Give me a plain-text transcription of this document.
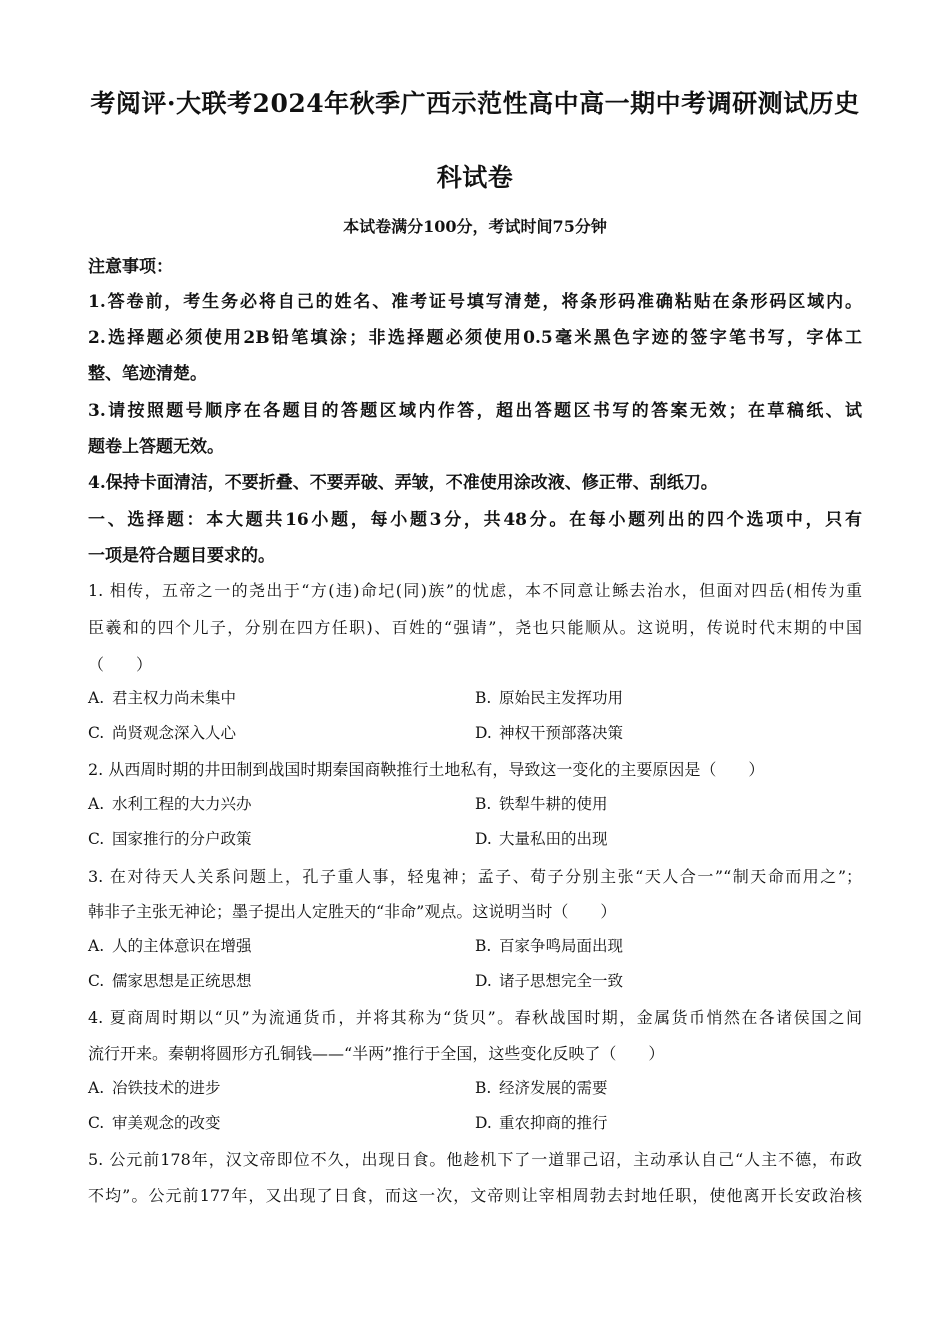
考阅评·大联考2024年秋季广西示范性高中高一期中考调研测试历史
科试卷
本试卷满分100分，考试时间75分钟
注意事项：
1.答卷前，考生务必将自己的姓名、准考证号填写清楚，将条形码准确粘贴在条形码区域内。
2.选择题必须使用2B铅笔填涂；非选择题必须使用0.5毫米黑色字迹的签字笔书写，字体工
整、笔迹清楚。
3.请按照题号顺序在各题目的答题区域内作答，超出答题区书写的答案无效；在草稿纸、试
题卷上答题无效。
4.保持卡面清洁，不要折叠、不要弄破、弄皱，不准使用涂改液、修正带、刮纸刀。
一、选择题：本大题共16小题，每小题3分，共48分。在每小题列出的四个选项中，只有
一项是符合题目要求的。
1. 相传，五帝之一的尧出于“方(违)命圮(同)族”的忧虑，本不同意让鲧去治水，但面对四岳(相传为重
臣羲和的四个儿子，分别在四方任职)、百姓的“强请”，尧也只能顺从。这说明，传说时代末期的中国
（　　）
A. 君主权力尚未集中	B. 原始民主发挥功用
C. 尚贤观念深入人心	D. 神权干预部落决策
2. 从西周时期的井田制到战国时期秦国商鞅推行土地私有，导致这一变化的主要原因是（　　）
A. 水利工程的大力兴办	B. 铁犁牛耕的使用
C. 国家推行的分户政策	D. 大量私田的出现
3. 在对待天人关系问题上，孔子重人事，轻鬼神；孟子、荀子分别主张“天人合一”“制天命而用之”；
韩非子主张无神论；墨子提出人定胜天的“非命”观点。这说明当时（　　）
A. 人的主体意识在增强	B. 百家争鸣局面出现
C. 儒家思想是正统思想	D. 诸子思想完全一致
4. 夏商周时期以“贝”为流通货币，并将其称为“货贝”。春秋战国时期，金属货币悄然在各诸侯国之间
流行开来。秦朝将圆形方孔铜钱——“半两”推行于全国，这些变化反映了（　　）
A. 冶铁技术的进步	B. 经济发展的需要
C. 审美观念的改变	D. 重农抑商的推行
5. 公元前178年，汉文帝即位不久，出现日食。他趁机下了一道罪己诏，主动承认自己“人主不德，布政
不均”。公元前177年，又出现了日食，而这一次，文帝则让宰相周勃去封地任职，使他离开长安政治核
